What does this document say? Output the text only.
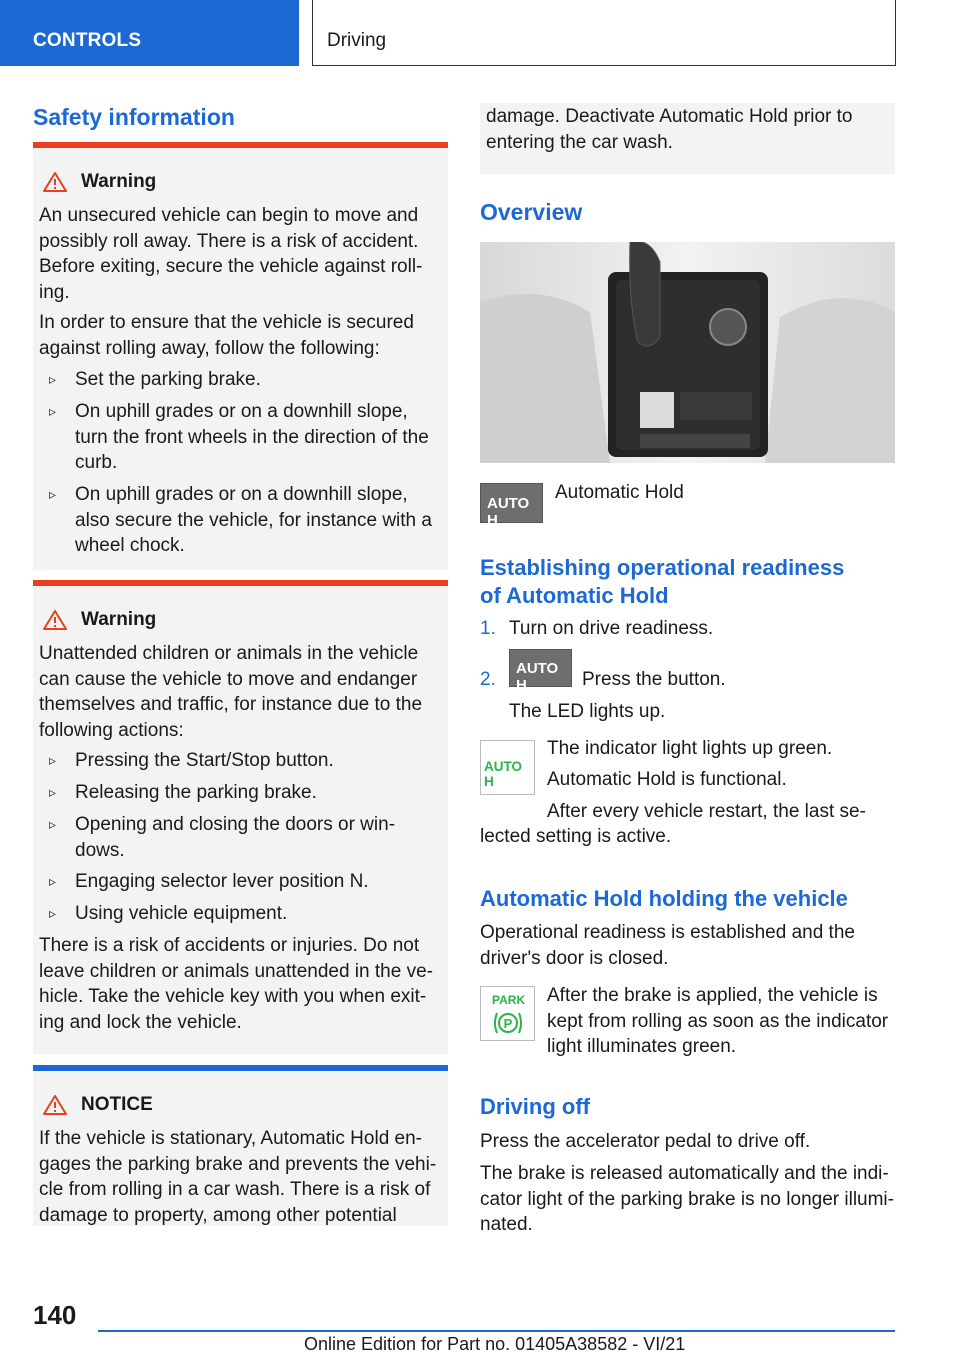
CONTROLS	Driving
Safety information
Warning

An unsecured vehicle can begin to move and
possibly roll away. There is a risk of accident.
Before exiting, secure the vehicle against roll‐
ing.

In order to ensure that the vehicle is secured
against rolling away, follow the following:

▹ Set the parking brake.
▹ On uphill grades or on a downhill slope,
turn the front wheels in the direction of the
curb.
▹ On uphill grades or on a downhill slope,
also secure the vehicle, for instance with a
wheel chock.
Warning

Unattended children or animals in the vehicle
can cause the vehicle to move and endanger
themselves and traffic, for instance due to the
following actions:

▹ Pressing the Start/Stop button.
▹ Releasing the parking brake.
▹ Opening and closing the doors or win‐
dows.
▹ Engaging selector lever position N.
▹ Using vehicle equipment.

There is a risk of accidents or injuries. Do not
leave children or animals unattended in the ve‐
hicle. Take the vehicle key with you when exit‐
ing and lock the vehicle.

NOTICE

If the vehicle is stationary, Automatic Hold en‐
gages the parking brake and prevents the vehi‐
cle from rolling in a car wash. There is a risk of
damage to property, among other potential

damage. Deactivate Automatic Hold prior to
entering the car wash.

Overview
AUTO H
Automatic Hold
Establishing operational readiness
of Automatic Hold
1. Turn on drive readiness.
2.
AUTO H	Press the button.
The LED lights up.
AUTO H
The indicator light lights up green.
Automatic Hold is functional.
After every vehicle restart, the last se‐
lected setting is active.
Automatic Hold holding the vehicle
Operational readiness is established and the
driver's door is closed.
PARK
P
After the brake is applied, the vehicle is
kept from rolling as soon as the indicator
light illuminates green.
Driving off
Press the accelerator pedal to drive off.
The brake is released automatically and the indi‐
cator light of the parking brake is no longer illumi‐
nated.
140
Online Edition for Part no. 01405A38582 - VI/21
